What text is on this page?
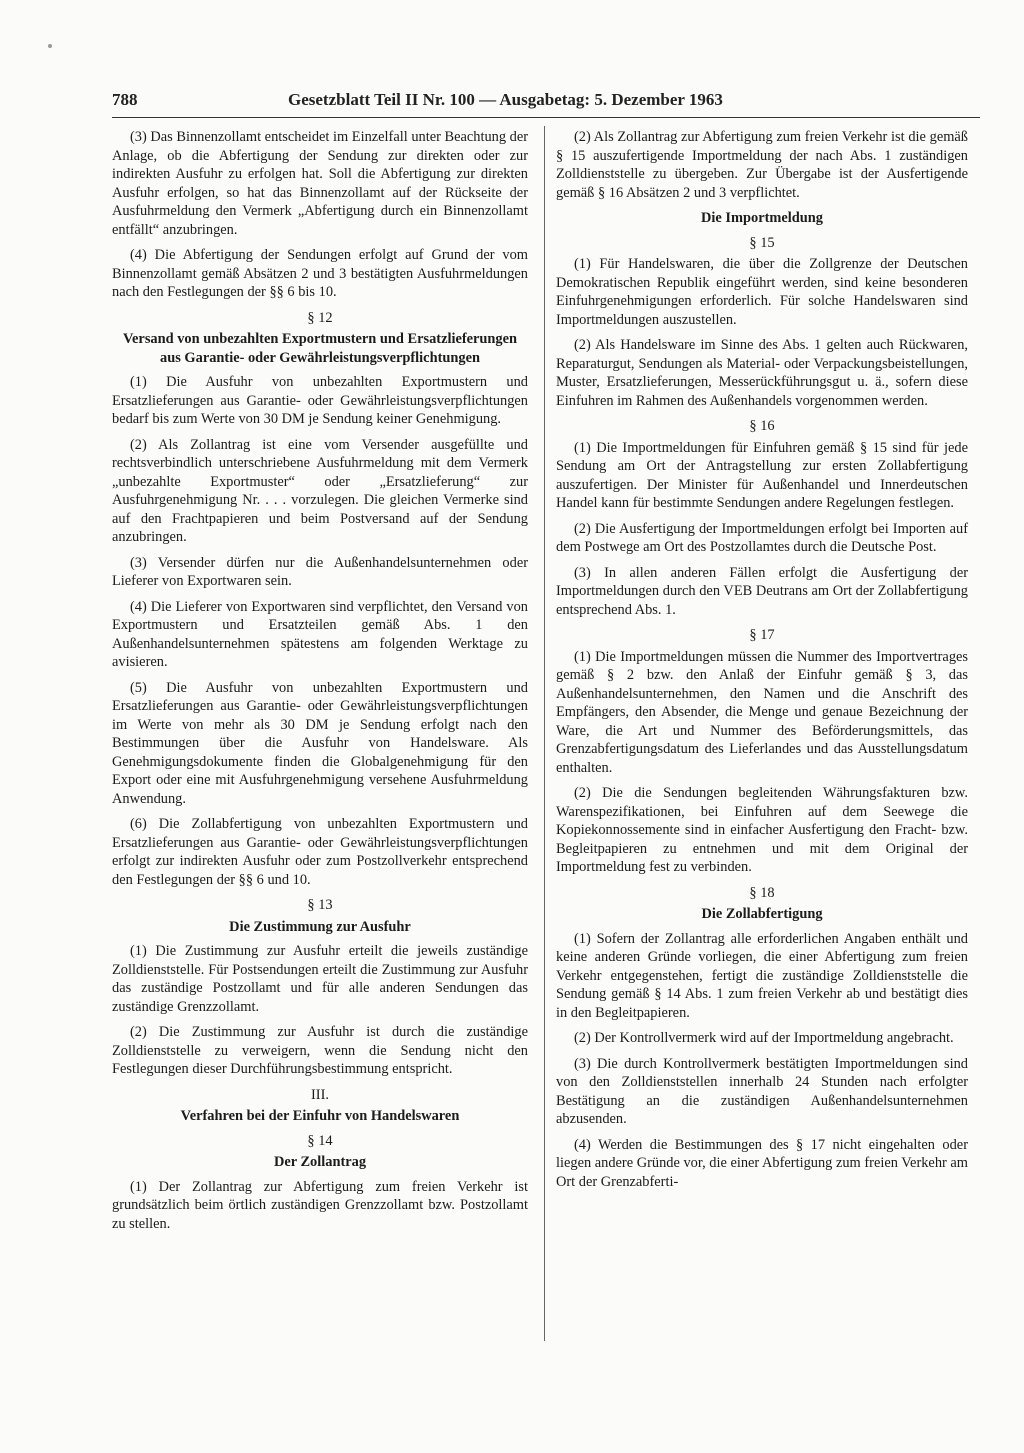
788	Gesetzblatt Teil II Nr. 100 — Ausgabetag: 5. Dezember 1963

(3) Das Binnenzollamt entscheidet im Einzelfall unter Beachtung der Anlage, ob die Abfertigung der Sendung zur direkten oder zur indirekten Ausfuhr zu erfolgen hat. Soll die Abfertigung zur direkten Ausfuhr erfolgen, so hat das Binnenzollamt auf der Rückseite der Ausfuhrmeldung den Vermerk „Abfertigung durch ein Binnenzollamt entfällt“ anzubringen.

(4) Die Abfertigung der Sendungen erfolgt auf Grund der vom Binnenzollamt gemäß Absätzen 2 und 3 bestätigten Ausfuhrmeldungen nach den Festlegungen der §§ 6 bis 10.

§ 12
Versand von unbezahlten Exportmustern und Ersatzlieferungen aus Garantie- oder Gewährleistungsverpflichtungen

(1) Die Ausfuhr von unbezahlten Exportmustern und Ersatzlieferungen aus Garantie- oder Gewährleistungsverpflichtungen bedarf bis zum Werte von 30 DM je Sendung keiner Genehmigung.

(2) Als Zollantrag ist eine vom Versender ausgefüllte und rechtsverbindlich unterschriebene Ausfuhrmeldung mit dem Vermerk „unbezahlte Exportmuster“ oder „Ersatzlieferung“ zur Ausfuhrgenehmigung Nr. . . . vorzulegen. Die gleichen Vermerke sind auf den Frachtpapieren und beim Postversand auf der Sendung anzubringen.

(3) Versender dürfen nur die Außenhandelsunternehmen oder Lieferer von Exportwaren sein.

(4) Die Lieferer von Exportwaren sind verpflichtet, den Versand von Exportmustern und Ersatzteilen gemäß Abs. 1 den Außenhandelsunternehmen spätestens am folgenden Werktage zu avisieren.

(5) Die Ausfuhr von unbezahlten Exportmustern und Ersatzlieferungen aus Garantie- oder Gewährleistungsverpflichtungen im Werte von mehr als 30 DM je Sendung erfolgt nach den Bestimmungen über die Ausfuhr von Handelsware. Als Genehmigungsdokumente finden die Globalgenehmigung für den Export oder eine mit Ausfuhrgenehmigung versehene Ausfuhrmeldung Anwendung.

(6) Die Zollabfertigung von unbezahlten Exportmustern und Ersatzlieferungen aus Garantie- oder Gewährleistungsverpflichtungen erfolgt zur indirekten Ausfuhr oder zum Postzollverkehr entsprechend den Festlegungen der §§ 6 und 10.

§ 13
Die Zustimmung zur Ausfuhr

(1) Die Zustimmung zur Ausfuhr erteilt die jeweils zuständige Zolldienststelle. Für Postsendungen erteilt die Zustimmung zur Ausfuhr das zuständige Postzollamt und für alle anderen Sendungen das zuständige Grenzzollamt.

(2) Die Zustimmung zur Ausfuhr ist durch die zuständige Zolldienststelle zu verweigern, wenn die Sendung nicht den Festlegungen dieser Durchführungsbestimmung entspricht.

III.
Verfahren bei der Einfuhr von Handelswaren
§ 14
Der Zollantrag

(1) Der Zollantrag zur Abfertigung zum freien Verkehr ist grundsätzlich beim örtlich zuständigen Grenzzollamt bzw. Postzollamt zu stellen.

(2) Als Zollantrag zur Abfertigung zum freien Verkehr ist die gemäß § 15 auszufertigende Importmeldung der nach Abs. 1 zuständigen Zolldienststelle zu übergeben. Zur Übergabe ist der Ausfertigende gemäß § 16 Absätzen 2 und 3 verpflichtet.

Die Importmeldung
§ 15

(1) Für Handelswaren, die über die Zollgrenze der Deutschen Demokratischen Republik eingeführt werden, sind keine besonderen Einfuhrgenehmigungen erforderlich. Für solche Handelswaren sind Importmeldungen auszustellen.

(2) Als Handelsware im Sinne des Abs. 1 gelten auch Rückwaren, Reparaturgut, Sendungen als Material- oder Verpackungsbeistellungen, Muster, Ersatzlieferungen, Messerückführungsgut u. ä., sofern diese Einfuhren im Rahmen des Außenhandels vorgenommen werden.

§ 16

(1) Die Importmeldungen für Einfuhren gemäß § 15 sind für jede Sendung am Ort der Antragstellung zur ersten Zollabfertigung auszufertigen. Der Minister für Außenhandel und Innerdeutschen Handel kann für bestimmte Sendungen andere Regelungen festlegen.

(2) Die Ausfertigung der Importmeldungen erfolgt bei Importen auf dem Postwege am Ort des Postzollamtes durch die Deutsche Post.

(3) In allen anderen Fällen erfolgt die Ausfertigung der Importmeldungen durch den VEB Deutrans am Ort der Zollabfertigung entsprechend Abs. 1.

§ 17

(1) Die Importmeldungen müssen die Nummer des Importvertrages gemäß § 2 bzw. den Anlaß der Einfuhr gemäß § 3, das Außenhandelsunternehmen, den Namen und die Anschrift des Empfängers, den Absender, die Menge und genaue Bezeichnung der Ware, die Art und Nummer des Beförderungsmittels, das Grenzabfertigungsdatum des Lieferlandes und das Ausstellungsdatum enthalten.

(2) Die die Sendungen begleitenden Währungsfakturen bzw. Warenspezifikationen, bei Einfuhren auf dem Seewege die Kopiekonnossemente sind in einfacher Ausfertigung den Fracht- bzw. Begleitpapieren zu entnehmen und mit dem Original der Importmeldung fest zu verbinden.

§ 18
Die Zollabfertigung

(1) Sofern der Zollantrag alle erforderlichen Angaben enthält und keine anderen Gründe vorliegen, die einer Abfertigung zum freien Verkehr entgegenstehen, fertigt die zuständige Zolldienststelle die Sendung gemäß § 14 Abs. 1 zum freien Verkehr ab und bestätigt dies in den Begleitpapieren.

(2) Der Kontrollvermerk wird auf der Importmeldung angebracht.

(3) Die durch Kontrollvermerk bestätigten Importmeldungen sind von den Zolldienststellen innerhalb 24 Stunden nach erfolgter Bestätigung an die zuständigen Außenhandelsunternehmen abzusenden.

(4) Werden die Bestimmungen des § 17 nicht eingehalten oder liegen andere Gründe vor, die einer Abfertigung zum freien Verkehr am Ort der Grenzabferti-
